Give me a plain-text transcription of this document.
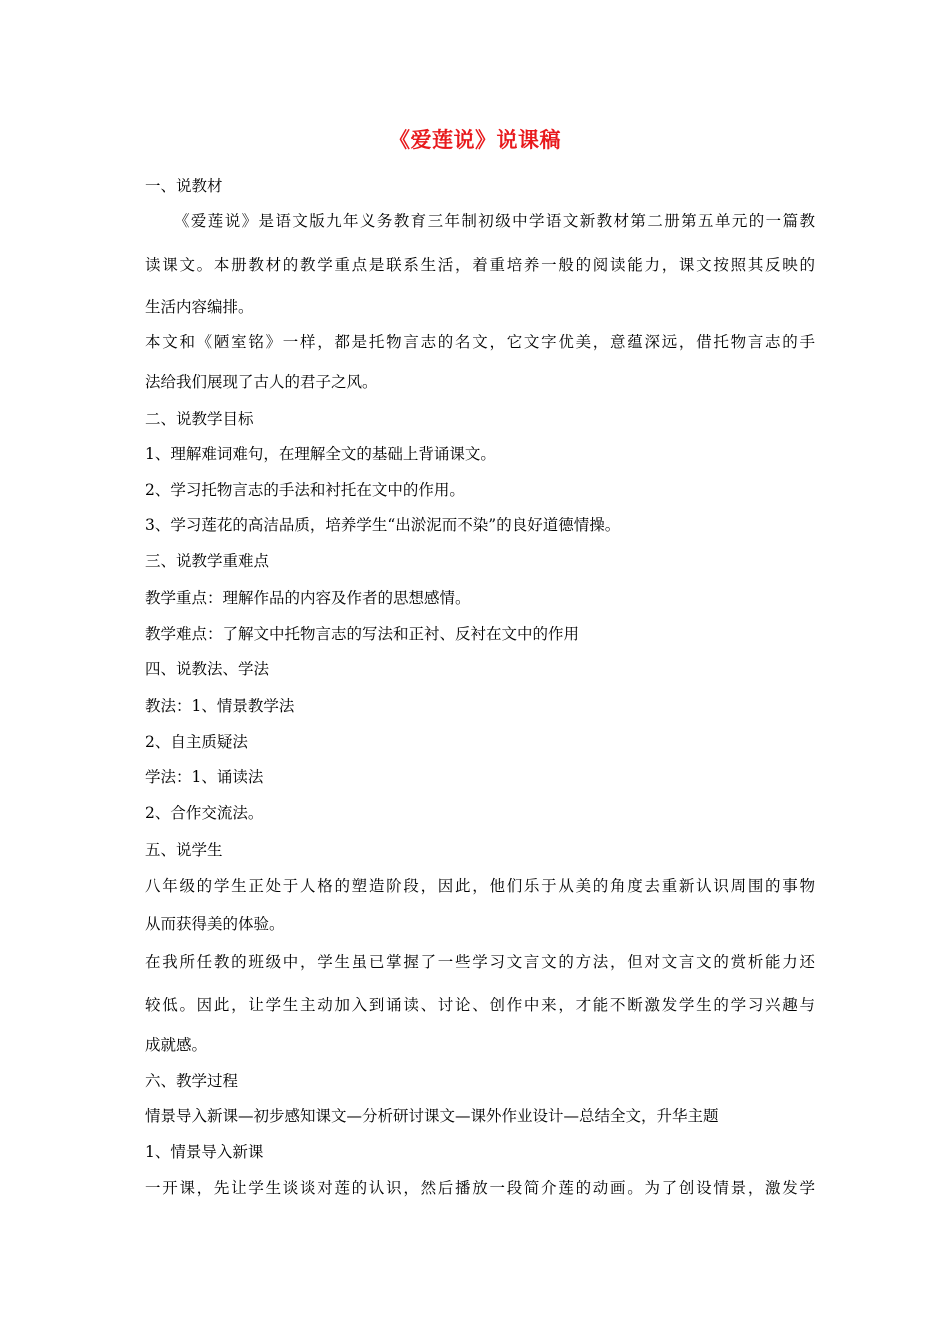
《爱莲说》说课稿
一、说教材
《爱莲说》是语文版九年义务教育三年制初级中学语文新教材第二册第五单元的一篇教
读课文。本册教材的教学重点是联系生活，着重培养一般的阅读能力，课文按照其反映的
生活内容编排。
本文和《陋室铭》一样，都是托物言志的名文，它文字优美，意蕴深远，借托物言志的手
法给我们展现了古人的君子之风。
二、说教学目标
1、理解难词难句，在理解全文的基础上背诵课文。
2、学习托物言志的手法和衬托在文中的作用。
3、学习莲花的高洁品质，培养学生“出淤泥而不染”的良好道德情操。
三、说教学重难点
教学重点：理解作品的内容及作者的思想感情。
教学难点：了解文中托物言志的写法和正衬、反衬在文中的作用
四、说教法、学法
教法：1、情景教学法
2、自主质疑法
学法：1、诵读法
2、合作交流法。
五、说学生
八年级的学生正处于人格的塑造阶段，因此，他们乐于从美的角度去重新认识周围的事物
从而获得美的体验。
在我所任教的班级中，学生虽已掌握了一些学习文言文的方法，但对文言文的赏析能力还
较低。因此，让学生主动加入到诵读、讨论、创作中来，才能不断激发学生的学习兴趣与
成就感。
六、教学过程
情景导入新课—初步感知课文—分析研讨课文—课外作业设计—总结全文，升华主题
1、情景导入新课
一开课，先让学生谈谈对莲的认识，然后播放一段简介莲的动画。为了创设情景，激发学
